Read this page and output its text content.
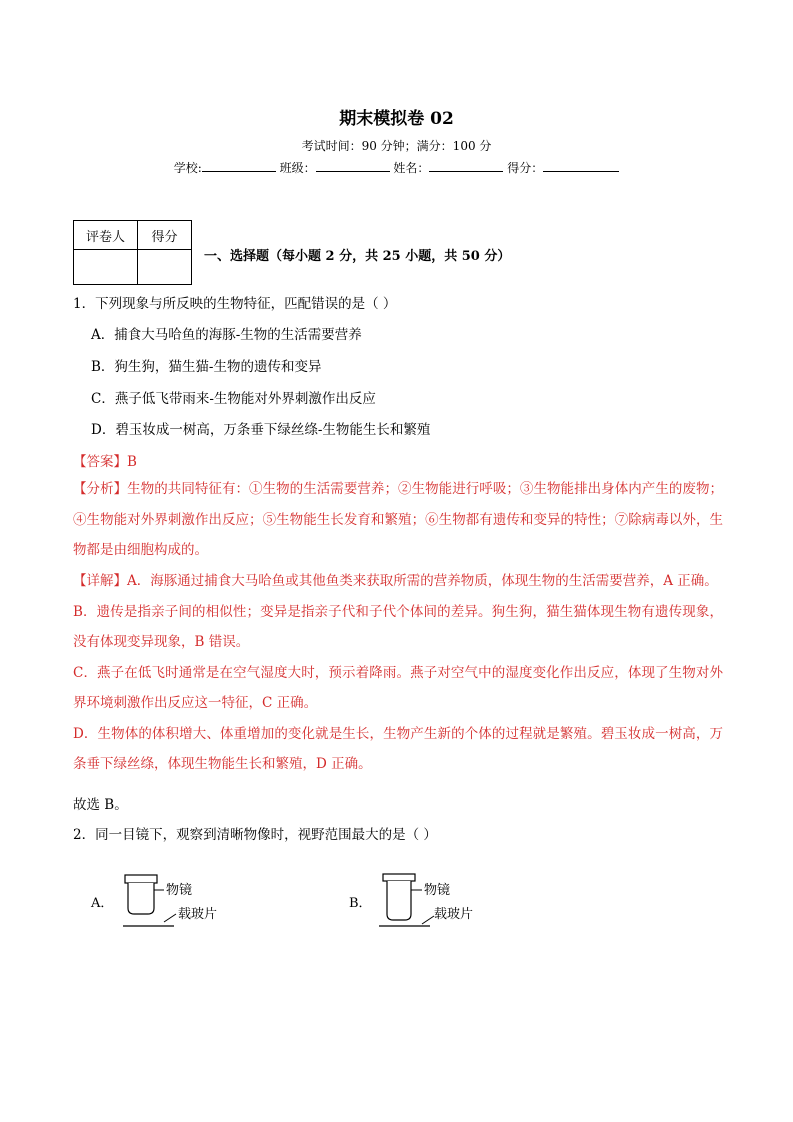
期末模拟卷 02
考试时间：90 分钟；满分：100 分
学校:	班级：	姓名：	得分：
评卷人	得分

一、选择题（每小题 2 分，共 25 小题，共 50 分）
1．下列现象与所反映的生物特征，匹配错误的是（ ）
A．捕食大马哈鱼的海豚-生物的生活需要营养
B．狗生狗，猫生猫-生物的遗传和变异
C．燕子低飞带雨来-生物能对外界刺激作出反应
D．碧玉妆成一树高，万条垂下绿丝绦-生物能生长和繁殖
【答案】B
【分析】生物的共同特征有：①生物的生活需要营养；②生物能进行呼吸；③生物能排出身体内产生的废物；④生物能对外界刺激作出反应；⑤生物能生长发育和繁殖；⑥生物都有遗传和变异的特性；⑦除病毒以外，生物都是由细胞构成的。
【详解】A．海豚通过捕食大马哈鱼或其他鱼类来获取所需的营养物质，体现生物的生活需要营养，A 正确。
B．遗传是指亲子间的相似性；变异是指亲子代和子代个体间的差异。狗生狗，猫生猫体现生物有遗传现象，没有体现变异现象，B 错误。
C．燕子在低飞时通常是在空气湿度大时，预示着降雨。燕子对空气中的湿度变化作出反应，体现了生物对外界环境刺激作出反应这一特征，C 正确。
D．生物体的体积增大、体重增加的变化就是生长，生物产生新的个体的过程就是繁殖。碧玉妆成一树高，万条垂下绿丝绦，体现生物能生长和繁殖，D 正确。
故选 B。
2．同一目镜下，观察到清晰物像时，视野范围最大的是（ ）
A．
物镜
载玻片
B．
物镜
载玻片
